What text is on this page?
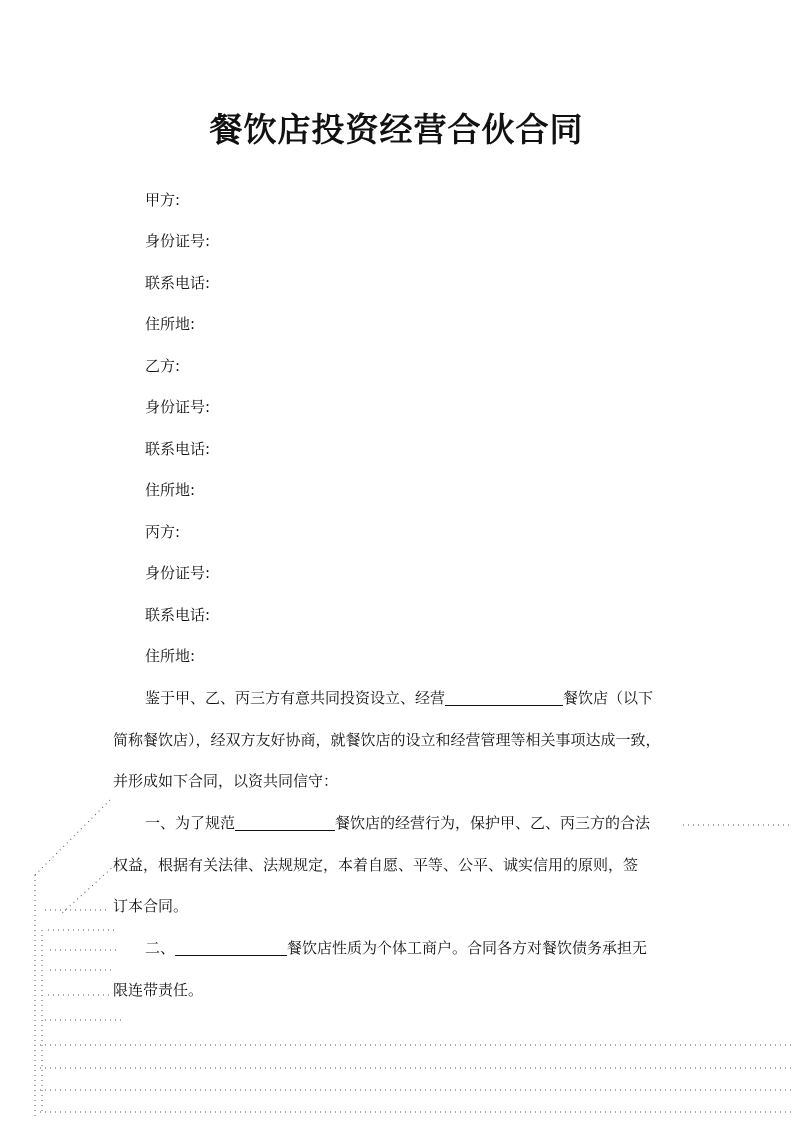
餐饮店投资经营合伙合同
甲方:
身份证号:
联系电话:
住所地:
乙方:
身份证号:
联系电话:
住所地:
丙方:
身份证号:
联系电话:
住所地:
鉴于甲、乙、丙三方有意共同投资设立、经营	餐饮店（以下
简称餐饮店），经双方友好协商，就餐饮店的设立和经营管理等相关事项达成一致，
并形成如下合同，以资共同信守：
一、为了规范	餐饮店的经营行为，保护甲、乙、丙三方的合法
权益，根据有关法律、法规规定，本着自愿、平等、公平、诚实信用的原则，签
订本合同。
二、	餐饮店性质为个体工商户。合同各方对餐饮债务承担无
限连带责任。
